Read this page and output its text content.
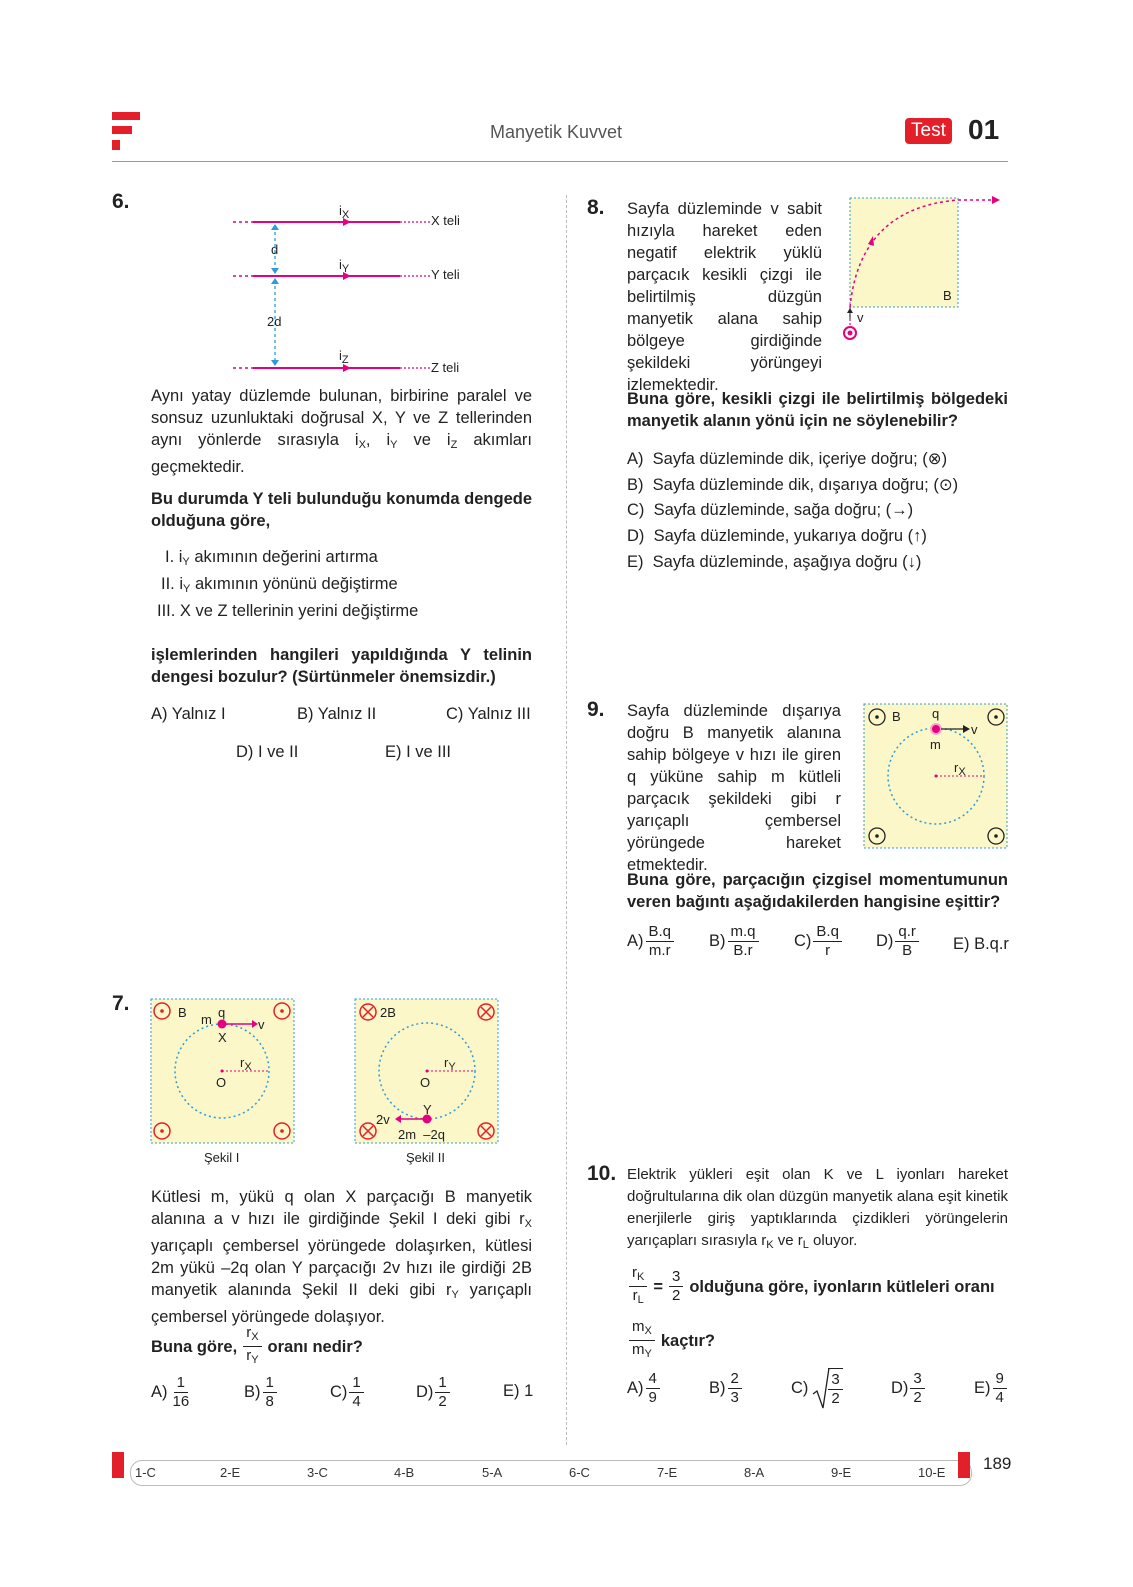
Manyetik Kuvvet	Test 01
6.	$i_X$
$i_Y$
$i_Z$
X teli
Y teli
Z teli
d
2d
Aynı yatay düzlemde bulunan, birbirine paralel ve sonsuz uzunluktaki doğrusal X, Y ve Z tellerinden aynı yönlerde sırasıyla $i_X$, $i_Y$ ve $i_Z$ akımları geçmektedir.
Bu durumda Y teli bulunduğu konumda dengede olduğuna göre,
I. $i_Y$ akımının değerini artırma
II. $i_Y$ akımının yönünü değiştirme
III. X ve Z tellerinin yerini değiştirme
işlemlerinden hangileri yapıldığında Y telinin dengesi bozulur? (Sürtünmeler önemsizdir.)
A) Yalnız I	B) Yalnız II	C) Yalnız III
D) I ve II	E) I ve III
7.	B m q
v
X
O
$r_X$
Şekil I
2B
O
$r_Y$
Y
2v
2m  –2q
Şekil II
Kütlesi m, yükü q olan X parçacığı B manyetik alanına a v hızı ile girdiğinde Şekil I deki gibi $r_X$ yarıçaplı çembersel yörüngede dolaşırken, kütlesi 2m yükü –2q olan Y parçacığı 2v hızı ile girdiği 2B manyetik alanında Şekil II deki gibi $r_Y$ yarıçaplı çembersel yörüngede dolaşıyor.
Buna göre, $\frac{r_X}{r_Y}$ oranı nedir?
$A) \frac{1}{16}$	$B) \frac{1}{8}$	$C) \frac{1}{4}$	$D) \frac{1}{2}$	E) 1
8. Sayfa düzleminde v sabit hızıyla hareket eden negatif elektrik yüklü parçacık kesikli çizgi ile belirtilmiş düzgün manyetik alana sahip bölgeye girdiğinde şekildeki yörüngeyi izlemektedir.
B
v
Buna göre, kesikli çizgi ile belirtilmiş bölgedeki manyetik alanın yönü için ne söylenebilir?
A)  Sayfa düzleminde dik, içeriye doğru; (⊗)
B)  Sayfa düzleminde dik, dışarıya doğru; (⊙)
C)  Sayfa düzleminde, sağa doğru; (→)
D)  Sayfa düzleminde, yukarıya doğru (↑)
E)  Sayfa düzleminde, aşağıya doğru (↓)
9. Sayfa düzleminde dışarıya doğru B manyetik alanına sahip bölgeye v hızı ile giren q yüküne sahip m kütleli parçacık şekildeki gibi r yarıçaplı çembersel yörüngede hareket etmektedir.
B q
m
v
$r_X$
Buna göre, parçacığın çizgisel momentumunun veren bağıntı aşağıdakilerden hangisine eşittir?
$A) \frac{B.q}{m.r} B) \frac{m.q}{B.r} C) \frac{B.q}{r} D) \frac{q.r}{B} E$) B.q.r
10. Elektrik yükleri eşit olan K ve L iyonları hareket doğrultularına dik olan düzgün manyetik alana eşit kinetik enerjilerle giriş yaptıklarında çizdikleri yörüngelerin yarıçapları sırasıyla $r_K$ ve $r_L$ oluyor.
$\frac{r_K}{r_L} = \frac{3}{2}$ olduğuna göre, iyonların kütleleri oranı
$\frac{m_X}{m_Y}$ kaçtır?
$A) \frac{4}{9}$	$B) \frac{2}{3}$	$C) \frac{3}{2}$	$D) \frac{3}{2}$	$E) \frac{9}{4}$
1-C	2-E	3-C	4-B	5-A	6-C	7-E	8-A	9-E	10-E 189
